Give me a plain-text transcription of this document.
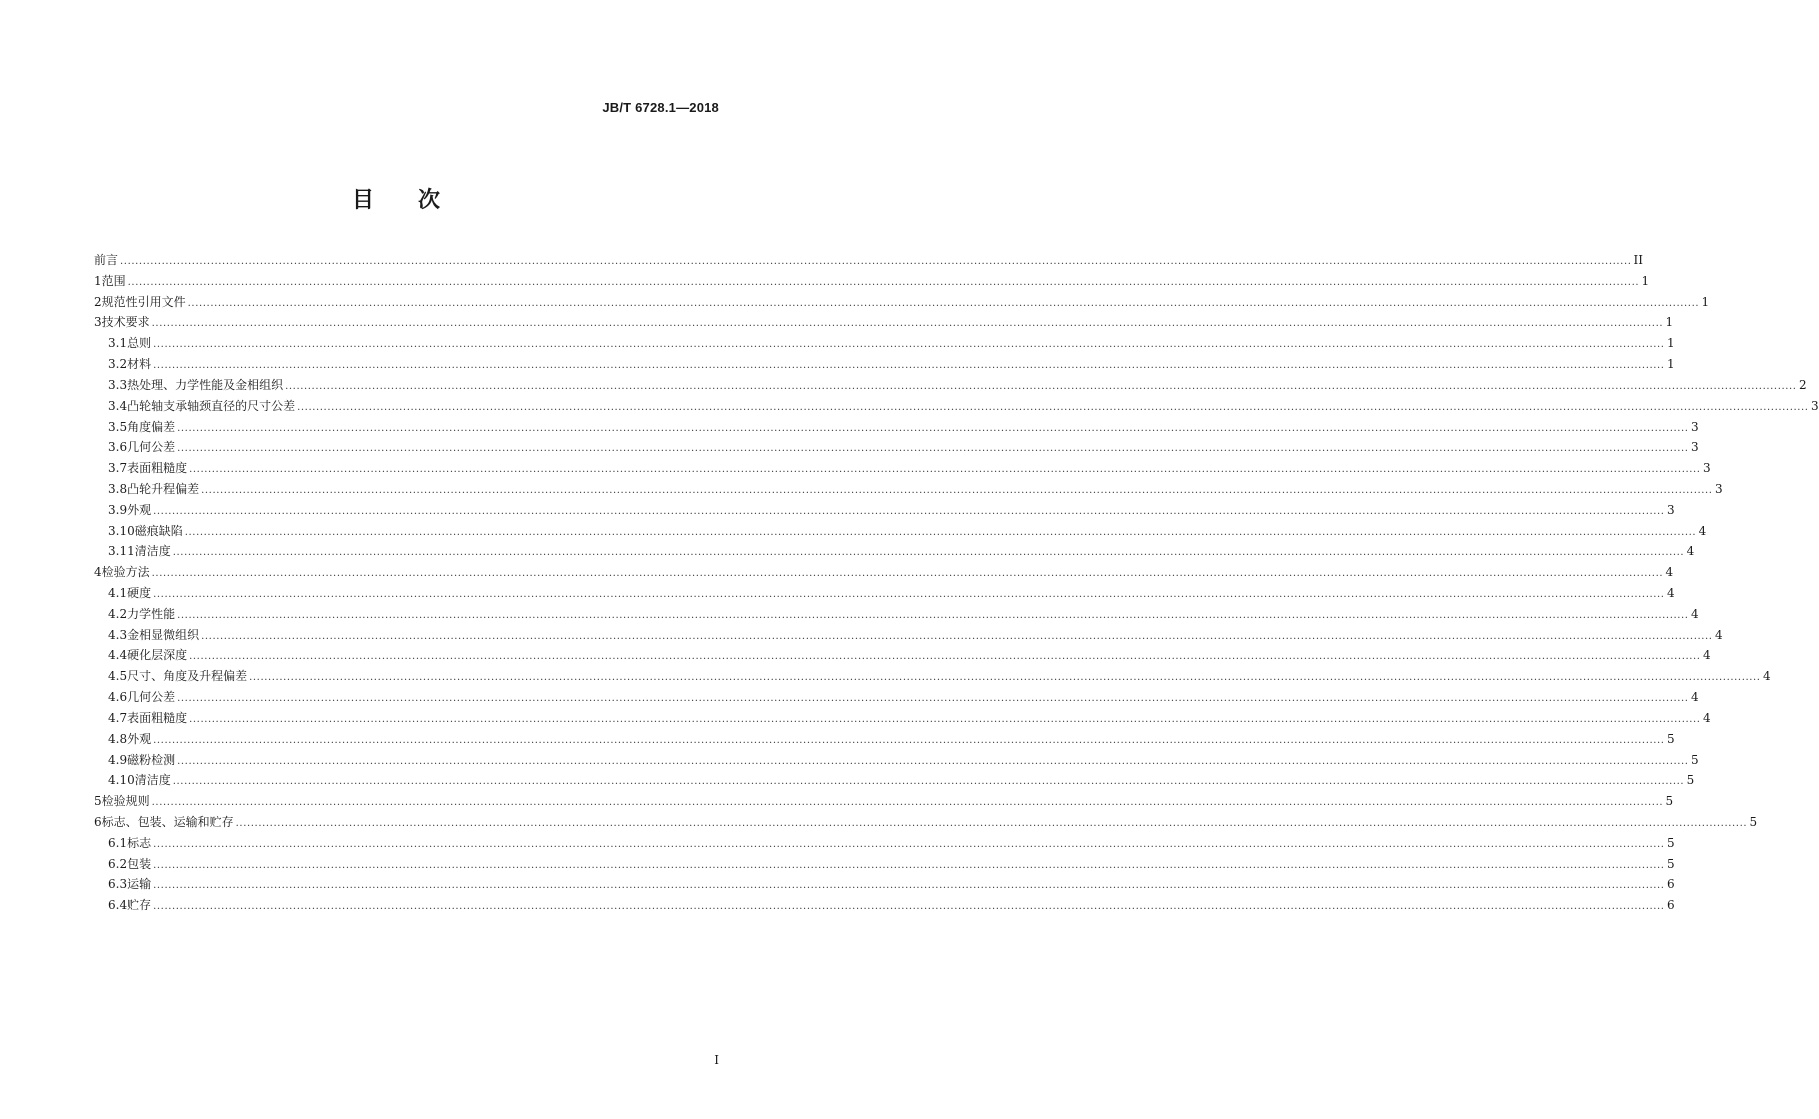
JB/T 6728.1—2018
目　　次
前言 ................................................................................................................................................................................................................................................................................................................................................................................................................ II
1 范围 ................................................................................................................................................................................................................................................................................................................................................................................................................ 1
2 规范性引用文件 ................................................................................................................................................................................................................................................................................................................................................................................................................ 1
3 技术要求 ................................................................................................................................................................................................................................................................................................................................................................................................................ 1
3.1 总则 ................................................................................................................................................................................................................................................................................................................................................................................................................ 1
3.2 材料 ................................................................................................................................................................................................................................................................................................................................................................................................................ 1
3.3 热处理、力学性能及金相组织 ................................................................................................................................................................................................................................................................................................................................................................................................................ 2
3.4 凸轮轴支承轴颈直径的尺寸公差 ................................................................................................................................................................................................................................................................................................................................................................................................................ 3
3.5 角度偏差 ................................................................................................................................................................................................................................................................................................................................................................................................................ 3
3.6 几何公差 ................................................................................................................................................................................................................................................................................................................................................................................................................ 3
3.7 表面粗糙度 ................................................................................................................................................................................................................................................................................................................................................................................................................ 3
3.8 凸轮升程偏差 ................................................................................................................................................................................................................................................................................................................................................................................................................ 3
3.9 外观 ................................................................................................................................................................................................................................................................................................................................................................................................................ 3
3.10 磁痕缺陷 ................................................................................................................................................................................................................................................................................................................................................................................................................ 4
3.11 清洁度 ................................................................................................................................................................................................................................................................................................................................................................................................................ 4
4 检验方法 ................................................................................................................................................................................................................................................................................................................................................................................................................ 4
4.1 硬度 ................................................................................................................................................................................................................................................................................................................................................................................................................ 4
4.2 力学性能 ................................................................................................................................................................................................................................................................................................................................................................................................................ 4
4.3 金相显微组织 ................................................................................................................................................................................................................................................................................................................................................................................................................ 4
4.4 硬化层深度 ................................................................................................................................................................................................................................................................................................................................................................................................................ 4
4.5 尺寸、角度及升程偏差 ................................................................................................................................................................................................................................................................................................................................................................................................................ 4
4.6 几何公差 ................................................................................................................................................................................................................................................................................................................................................................................................................ 4
4.7 表面粗糙度 ................................................................................................................................................................................................................................................................................................................................................................................................................ 4
4.8 外观 ................................................................................................................................................................................................................................................................................................................................................................................................................ 5
4.9 磁粉检测 ................................................................................................................................................................................................................................................................................................................................................................................................................ 5
4.10 清洁度 ................................................................................................................................................................................................................................................................................................................................................................................................................ 5
5 检验规则 ................................................................................................................................................................................................................................................................................................................................................................................................................ 5
6 标志、包装、运输和贮存 ................................................................................................................................................................................................................................................................................................................................................................................................................ 5
6.1 标志 ................................................................................................................................................................................................................................................................................................................................................................................................................ 5
6.2 包装 ................................................................................................................................................................................................................................................................................................................................................................................................................ 5
6.3 运输 ................................................................................................................................................................................................................................................................................................................................................................................................................ 6
6.4 贮存 ................................................................................................................................................................................................................................................................................................................................................................................................................ 6
I
